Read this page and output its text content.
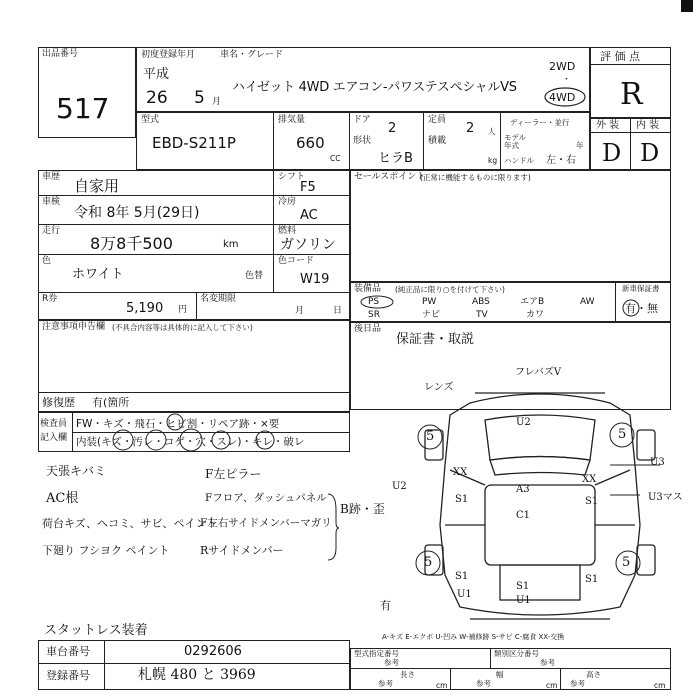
出品番号
517
初度登録年月	車名・グレード
平成
26 5 月
ハイゼット 4WD エアコン-パワステスペシャルVS
2WD
・
4WD
評 価 点
R
外 装 内 装
D D
型式
EBD-S211P
排気量
660
CC
ドア
2
形状
ヒラB
定員
2 人
積載
kg
ディーラー・並行
モデル年式	年
ハンドル 左・右
車歴 自家用
車検
令和 8年 5月(29日)
走行
8万8千500	km
色
ホワイト	色替
シフト
F5
冷房
AC
燃料
ガソリン
色コード
W19
R券
5,190 円
名変期限
月	日
セールスポイント
(正常に機能するものに限ります)
装備品 (純正品に限り○を付けて下さい)
PS	PW	ABS	エアB	AW
SR	ナビ	TV	カワ
新車保証書
有・無
後日品
保証書・取説
注意事項申告欄 (不具合内容等は具体的に記入して下さい)
修復歴 有(箇所
検査員
記入欄
FW・キズ・飛石・ヒビ割・リペア跡・×要
内装(キズ・汚レ・コゲ・穴・スレ)・キレ・破レ
天張キバミ
AC根
荷台キズ、ヘコミ、サビ、ペイント
下廻り フシヨク ペイント
F左ピラー
Fフロア、ダッシュパネル
F左右サイドメンバーマガリ
Rサイドメンバー
B跡・歪
スタットレス装着
レンズ
フレバズV
U2
5	5
5	5
U3
XX
XX
U2
S1
A3
C1
S1	U3マス
S1
U1
S1
S1
U1
有
A-キズ E-エクボ U-凹み W-補修跡 S-サビ C-腐食 XX-交換
車台番号	0292606
登録番号	札幌 480 と 3969
型式指定番号
参考
類別区分番号
参考
長さ
参考	cm
幅
参考	cm
高さ
参考	cm
